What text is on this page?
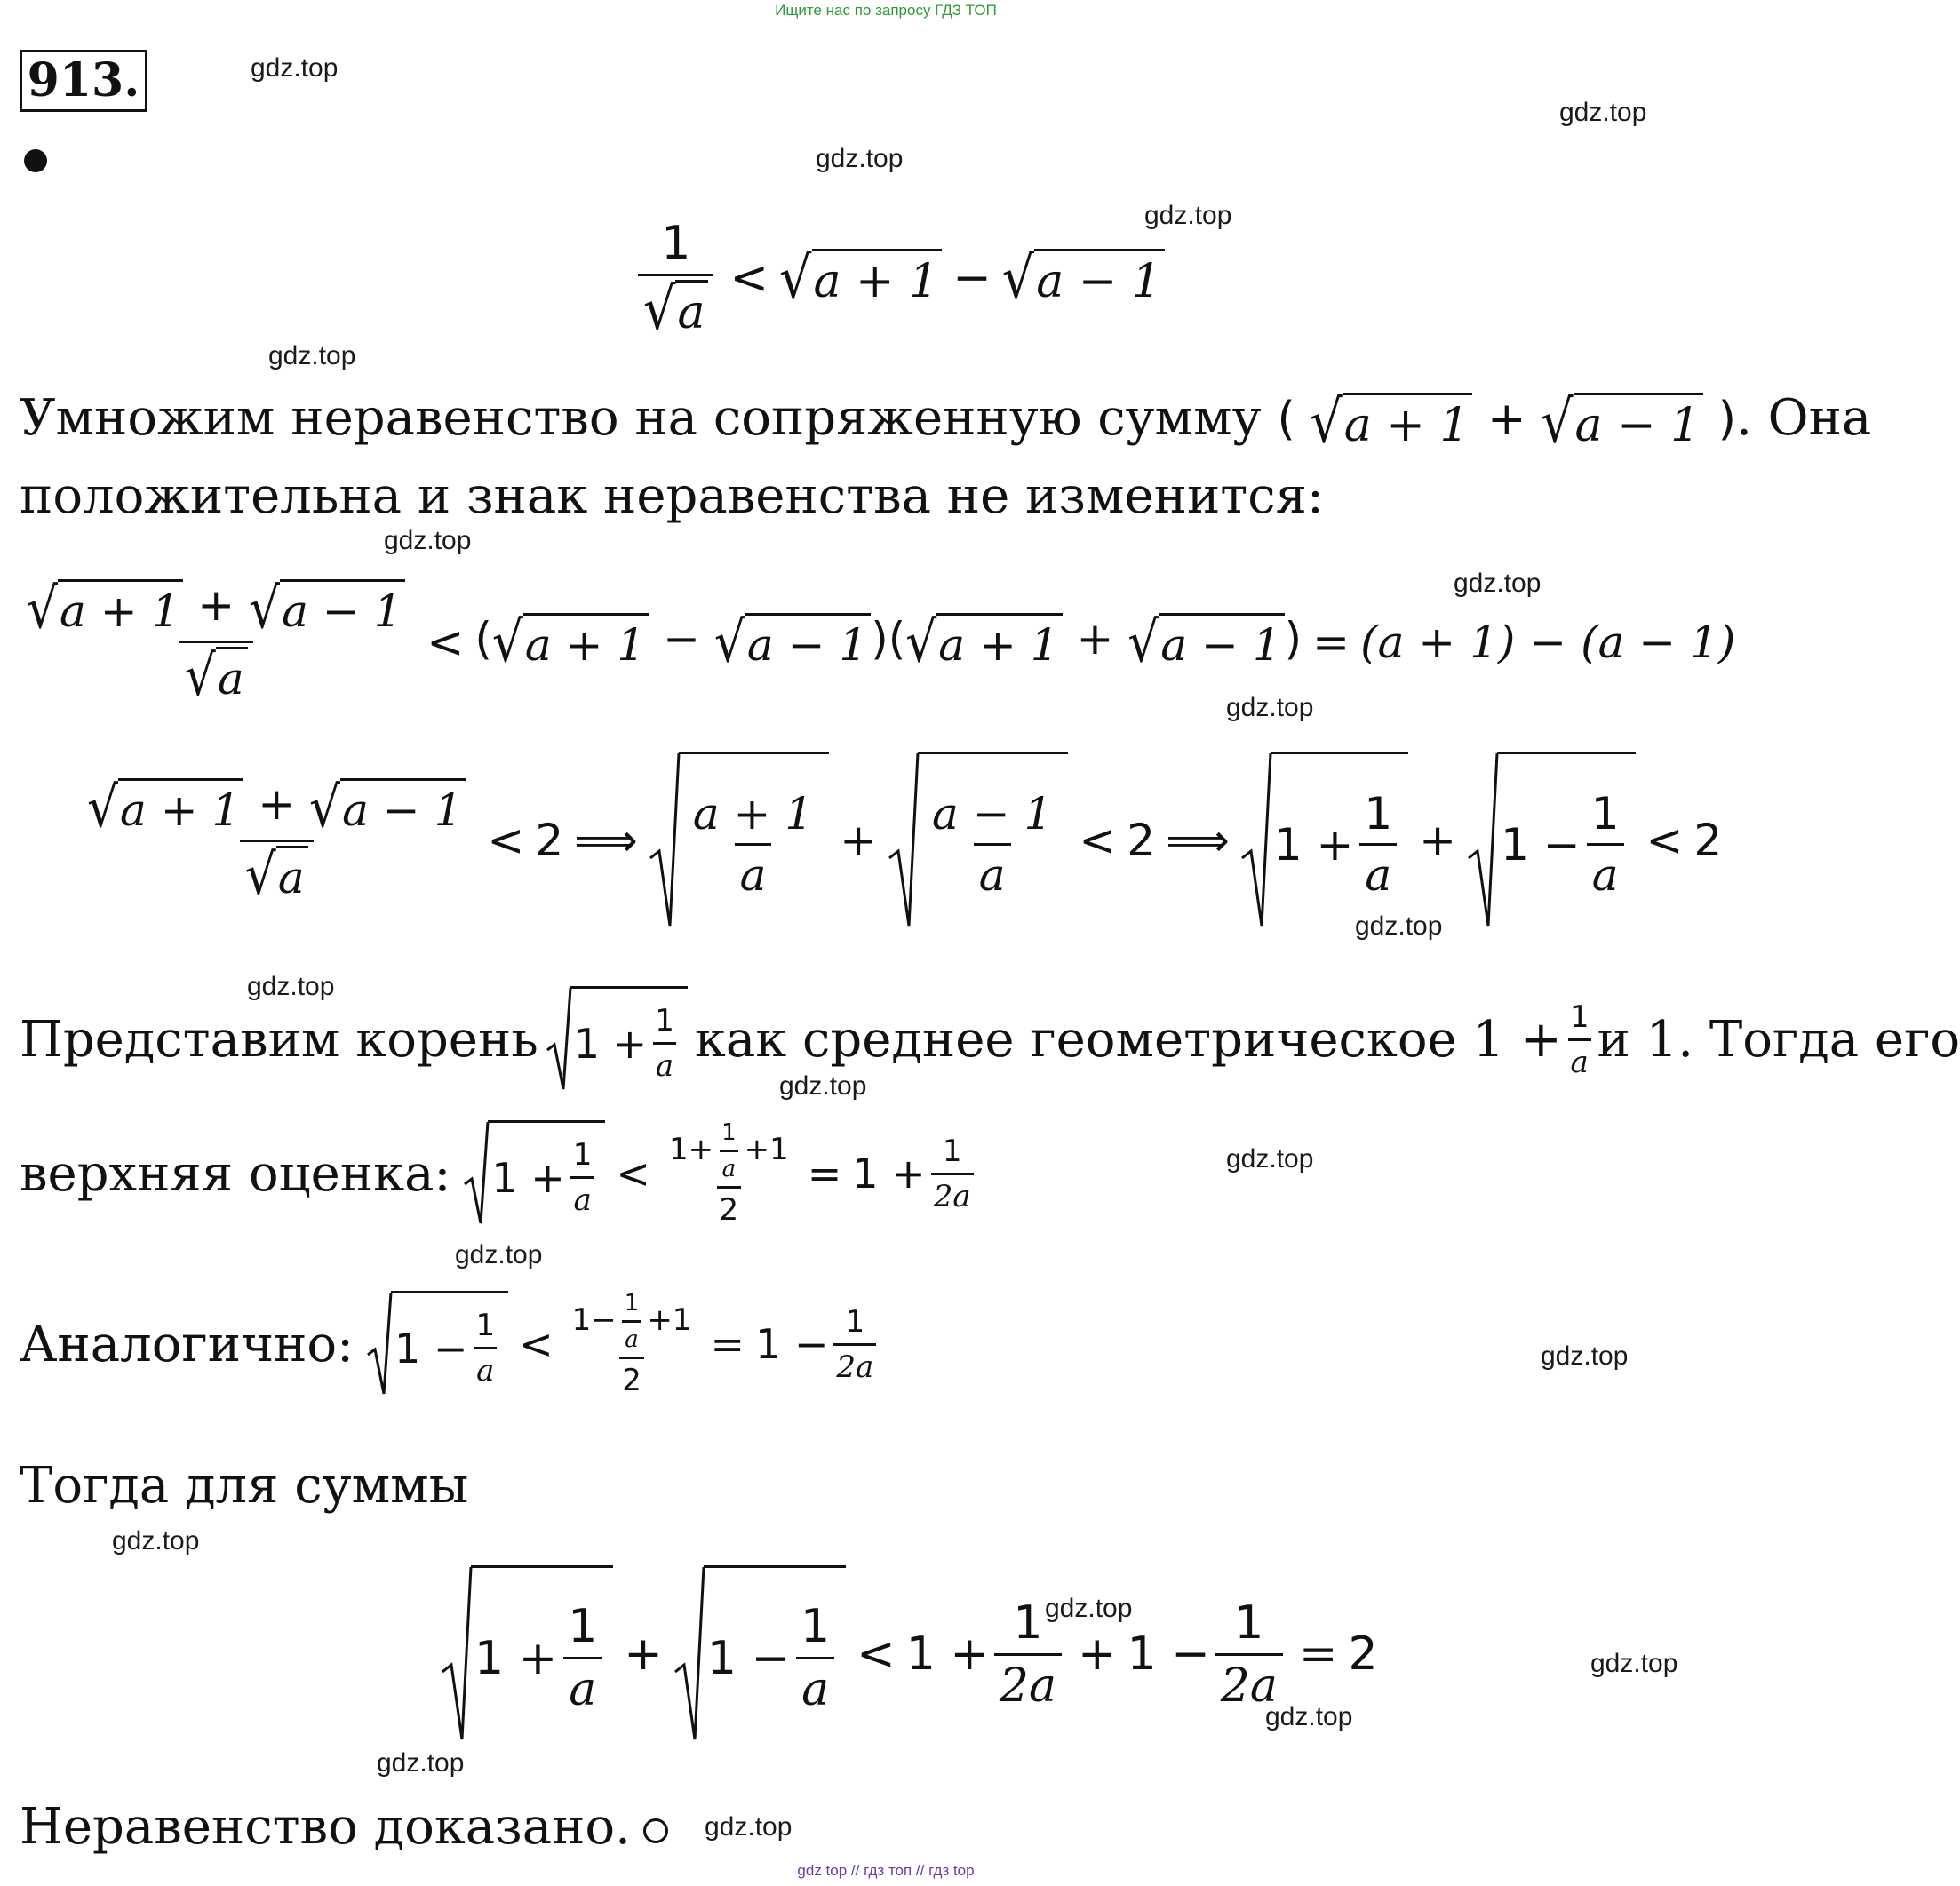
Ищите нас по запросу ГДЗ ТОП
913.	gdz.top
gdz.top
gdz.top
gdz.top
gdz.top
gdz.top
gdz.top
gdz.top
gdz.top
gdz.top
gdz.top
gdz.top
gdz.top
gdz.top
gdz.top
gdz.top
gdz.top
gdz.top
gdz.top
gdz.top
$\frac{1}{√ a}$ < √ a + 1 − √ a − 1
Умножим неравенство на сопряженную сумму ( √ a + 1 + √ a − 1 ). Она
положительна и знак неравенства не изменится:
$\frac{√ a + 1 + √ a - 1}{√ a}$ < ( √ a + 1 − √ a − 1 )( √ a + 1 + √ a − 1 ) = (a + 1) − (a − 1)
$\frac{√ a + 1 + √ a - 1}{√ a} < 2$ ⟹ $\frac{a + 1}{a} + \frac{a - 1}{a} < 2$ ⟹ $1 + \frac{1}{a} + 1 - \frac{1}{a} < 2$
Представим корень $1 + \frac{1}{a}$ как среднее геометрическое $1 + \frac{1}{a}$ и 1. Тогда его
верхняя оценка: $1 + \frac{1}{a} < \frac{1+ \frac{1}{a} +1}{2} = 1 + \frac{1}{2a}$
Аналогично: $1 - \frac{1}{a} < \frac{1- \frac{1}{a} +1}{2} = 1 - \frac{1}{2a}$
Тогда для суммы
$1 + \frac{1}{a} + 1 - \frac{1}{a} < 1 + \frac{1}{2a} + 1 - \frac{1}{2a} = 2$
Неравенство доказано.
gdz top // гдз топ // гдз top
